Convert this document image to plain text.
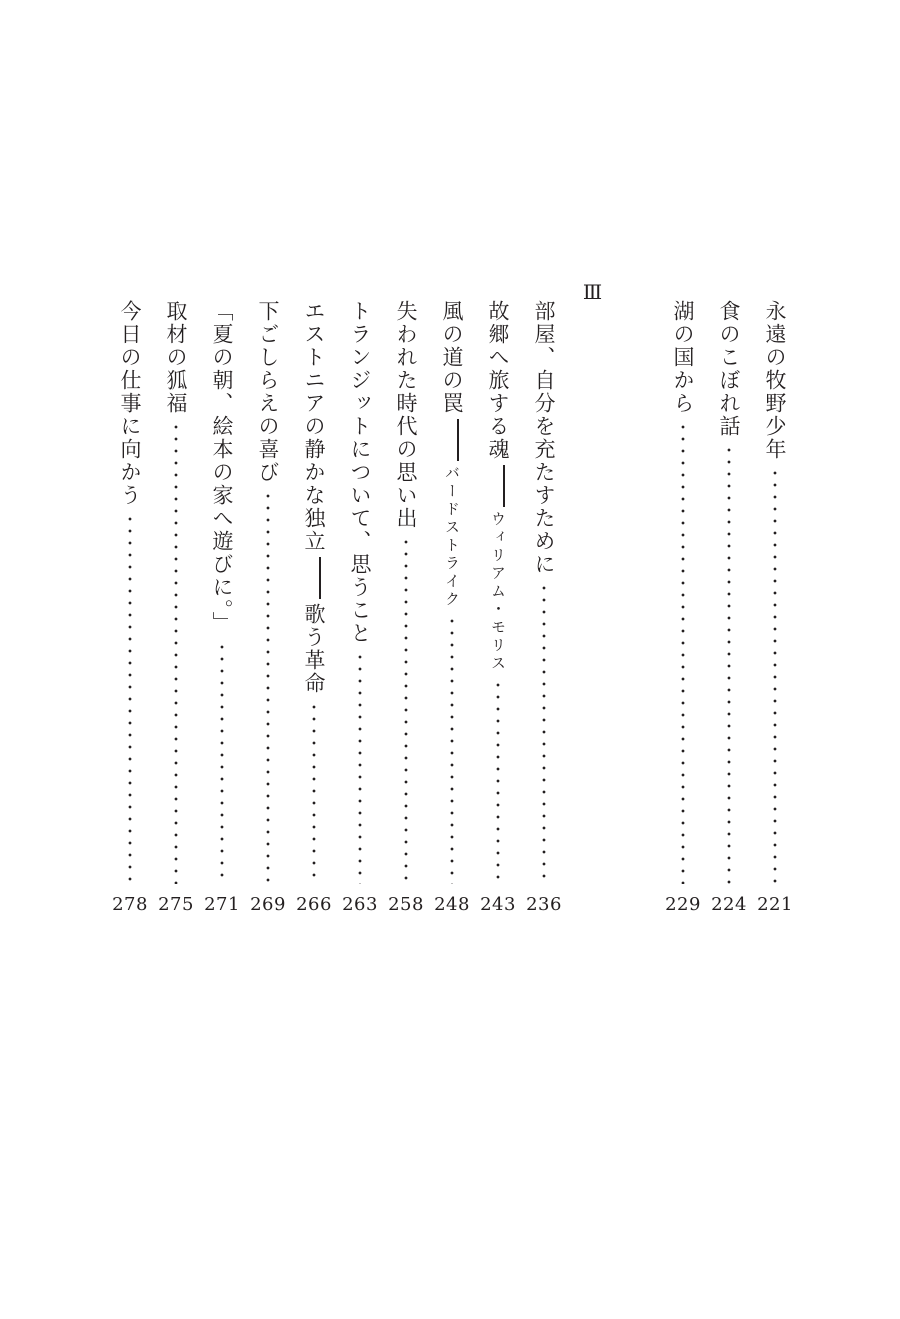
Ⅲ
永遠の牧野少年
221
食のこぼれ話
224
湖の国から
229
部屋、自分を充たすために
236
故郷へ旅する魂ウィリアム・モリス
243
風の道の罠バードストライク
248
失われた時代の思い出
258
トランジットについて、思うこと
263
エストニアの静かな独立歌う革命
266
下ごしらえの喜び
269
「夏の朝、絵本の家へ遊びに。」
271
取材の狐福
275
今日の仕事に向かう
278
